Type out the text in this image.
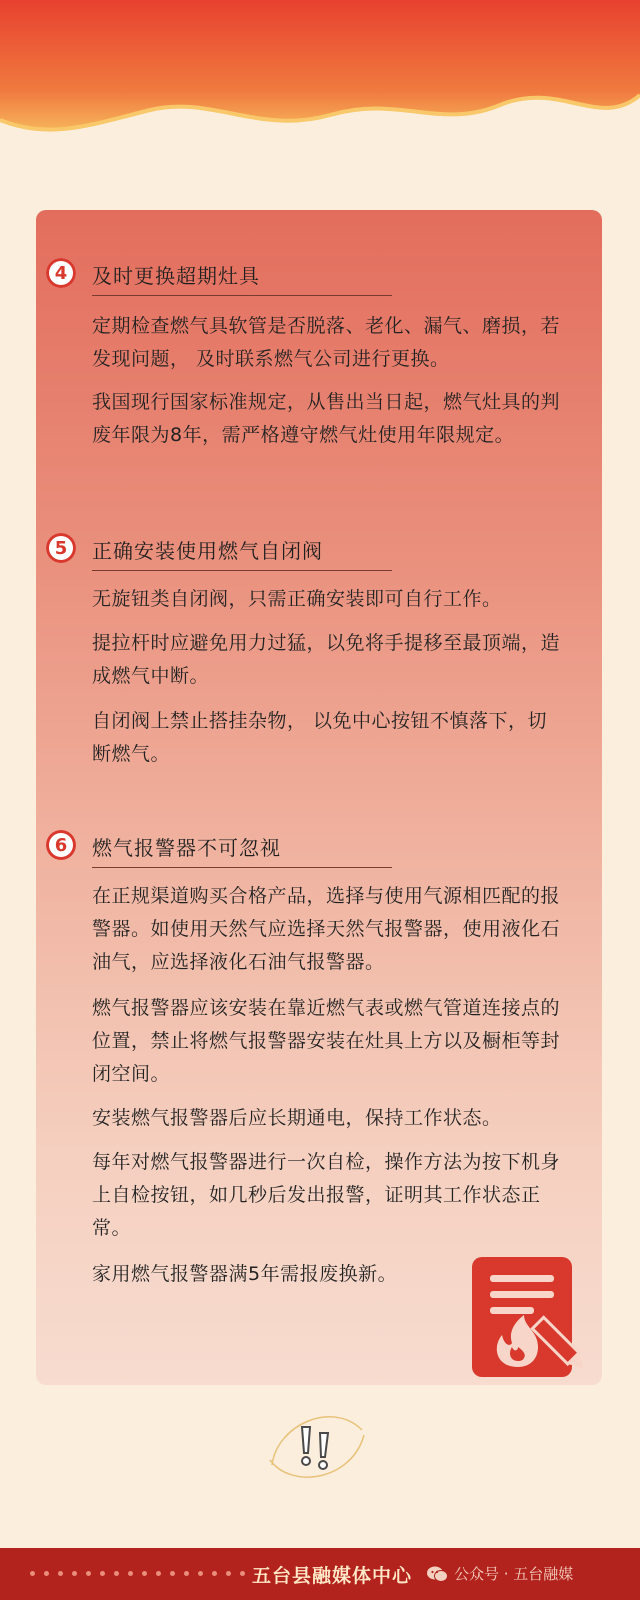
4	及时更换超期灶具

定期检查燃气具软管是否脱落、老化、漏气、磨损，若发现问题， 及时联系燃气公司进行更换。

我国现行国家标准规定，从售出当日起，燃气灶具的判废年限为8年，需严格遵守燃气灶使用年限规定。

5	正确安装使用燃气自闭阀

无旋钮类自闭阀，只需正确安装即可自行工作。

提拉杆时应避免用力过猛，以免将手提移至最顶端，造成燃气中断。

自闭阀上禁止搭挂杂物， 以免中心按钮不慎落下，切断燃气。

6	燃气报警器不可忽视

在正规渠道购买合格产品，选择与使用气源相匹配的报警器。如使用天然气应选择天然气报警器，使用液化石油气，应选择液化石油气报警器。

燃气报警器应该安装在靠近燃气表或燃气管道连接点的位置，禁止将燃气报警器安装在灶具上方以及橱柜等封闭空间。

安装燃气报警器后应长期通电，保持工作状态。

每年对燃气报警器进行一次自检，操作方法为按下机身上自检按钮，如几秒后发出报警，证明其工作状态正常。

家用燃气报警器满5年需报废换新。

五台县融媒体中心	公众号 · 五台融媒
